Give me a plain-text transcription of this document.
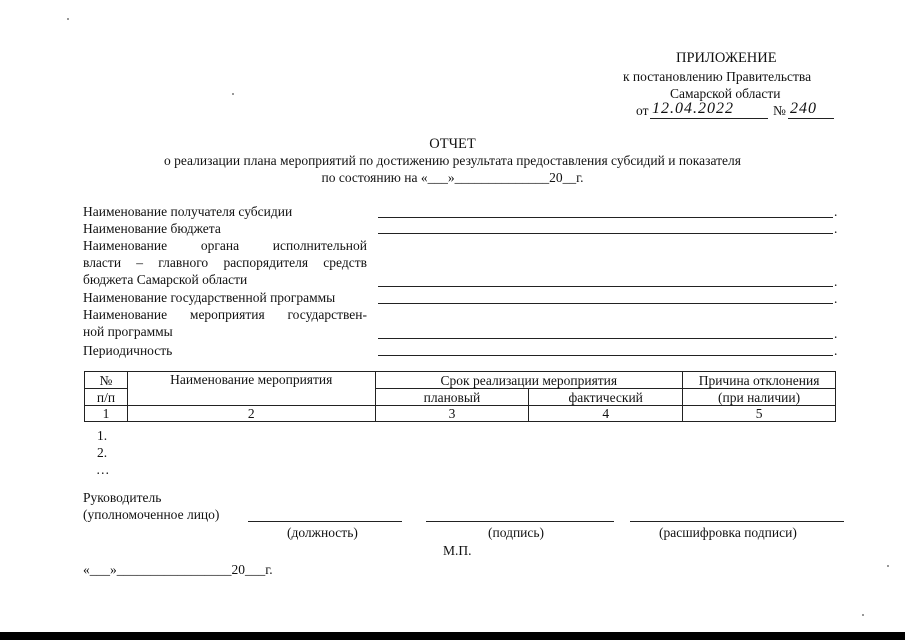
ПРИЛОЖЕНИЕ
к постановлению Правительства
Самарской области
от 12.04.2022	№ 240
ОТЧЕТ
о реализации плана мероприятий по достижению результата предоставления субсидий и показателя
по состоянию на «___»______________20__г.
Наименование получателя субсидии	.
Наименование бюджета	.
Наименование органа исполнительной
власти – главного распорядителя средств
бюджета Самарской области	.
Наименование государственной программы	.
Наименование мероприятия государствен-
ной программы	.
Периодичность	.
№	Наименование мероприятия	Срок реализации мероприятия		Причина отклонения
п/п		плановый	фактический	(при наличии)
1	2	3	4	5
1.
2.
…
Руководитель
(уполномоченное лицо)
(должность)	(подпись)	(расшифровка подписи)
М.П.
«___»_________________20___г.
